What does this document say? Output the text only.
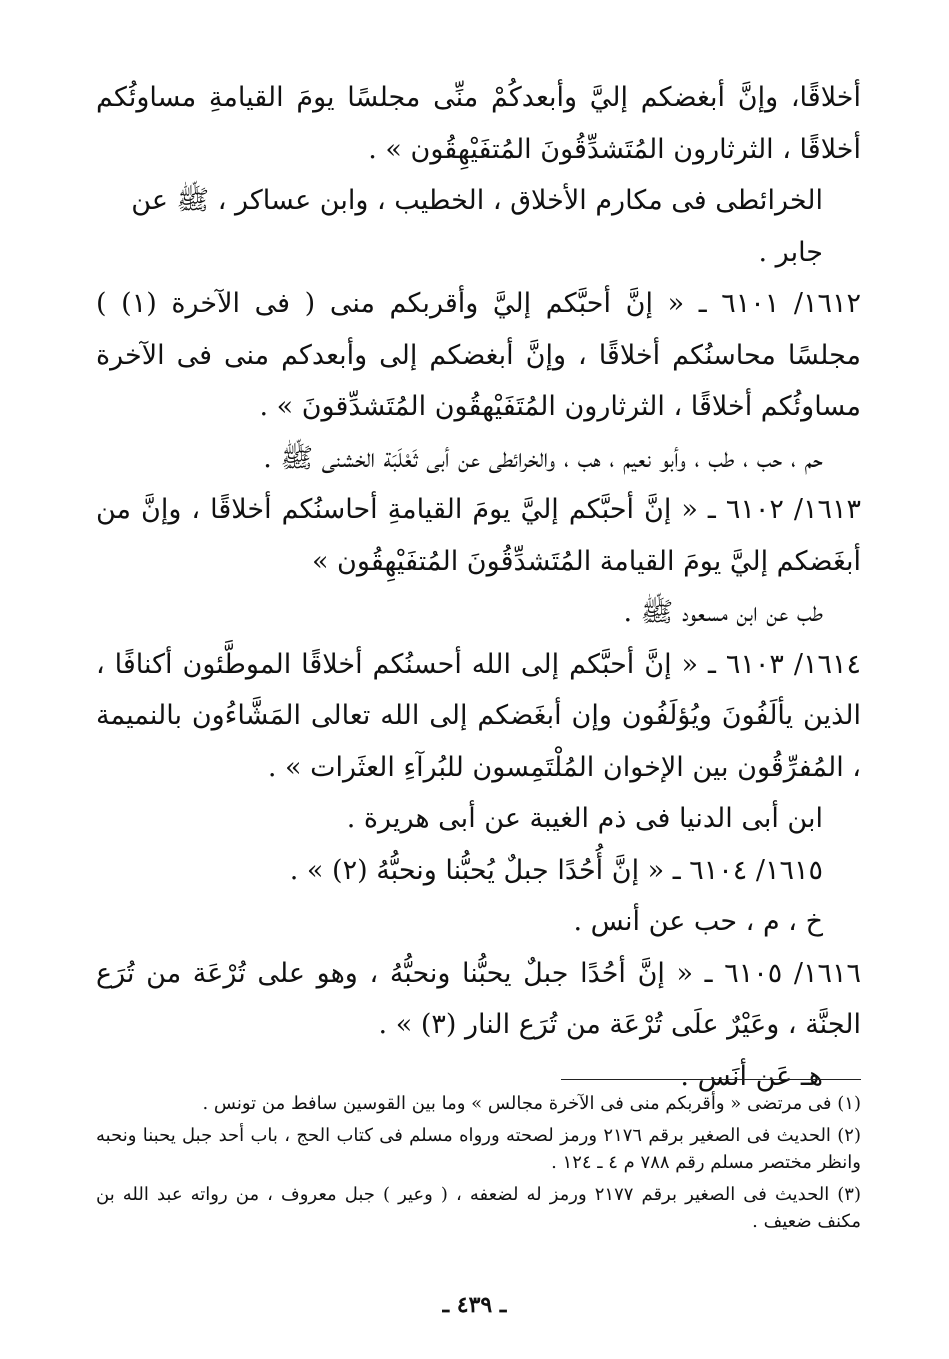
أخلاقًا، وإنَّ أبغضكم إليَّ وأبعدكُمْ منِّى مجلسًا يومَ القيامةِ مساوئُكم أخلاقًا ، الثرثارون المُتَشدِّقُونَ المُتفَيْهِقُون » .

الخرائطى فى مكارم الأخلاق ، الخطيب ، وابن عساكر ، ﷺ عن جابر .

١٦١٢/ ٦١٠١ ـ « إنَّ أحبَّكم إليَّ وأقربكم منى ( فى الآخرة (١) ) مجلسًا محاسنُكم أخلاقًا ، وإنَّ أبغضكم إلى وأبعدكم منى فى الآخرة مساوئُكم أخلاقًا ، الثرثارون المُتَفَيْهقُون المُتَشدِّقونَ » .

حم ، حب ، طب ، وأبو نعيم ، هب ، والخرائطى عن أبى ثَعْلَبَة الخشنى ﷺ .

١٦١٣/ ٦١٠٢ ـ « إنَّ أحبَّكم إليَّ يومَ القيامةِ أحاسنُكم أخلاقًا ، وإنَّ من أبغَضكم إليَّ يومَ القيامة المُتَشدِّقُونَ المُتفَيْهِقُون »

طب عن ابن مسعود ﷺ .

١٦١٤/ ٦١٠٣ ـ « إنَّ أحبَّكم إلى الله أحسنُكم أخلاقًا الموطَّئون أكنافًا ، الذين يألَفُونَ ويُؤلَفُون وإن أبغَضكم إلى الله تعالى المَشَّاءُون بالنميمة ، المُفرِّقُون بين الإخوان المُلْتَمِسون للبُرآءِ العثَرات » .

ابن أبى الدنيا فى ذم الغيبة عن أبى هريرة .

١٦١٥/ ٦١٠٤ ـ « إنَّ أُحُدًا جبلٌ يُحبُّنا ونحبُّهُ (٢) » .

خ ، م ، حب عن أنس .

١٦١٦/ ٦١٠٥ ـ « إنَّ أحُدًا جبلٌ يحبُّنا ونحبُّهُ ، وهو على تُرْعَة من تُرَع الجنَّة ، وعَيْرٌ علَى تُرْعَة من تُرَع النار (٣) » .

هـ عَن أنَس .

(١) فى مرتضى « وأقربكم منى فى الآخرة مجالس » وما بين القوسين سافط من تونس .

(٢) الحديث فى الصغير برقم ٢١٧٦ ورمز لصحته ورواه مسلم فى كتاب الحج ، باب أحد جبل يحبنا ونحبه وانظر مختصر مسلم رقم ٧٨٨ م ٤ ـ ١٢٤ .

(٣) الحديث فى الصغير برقم ٢١٧٧ ورمز له لضعفه ، ( وعير ) جبل معروف ، من رواته عبد الله بن مكنف ضعيف .

ـ ٤٣٩ ـ
